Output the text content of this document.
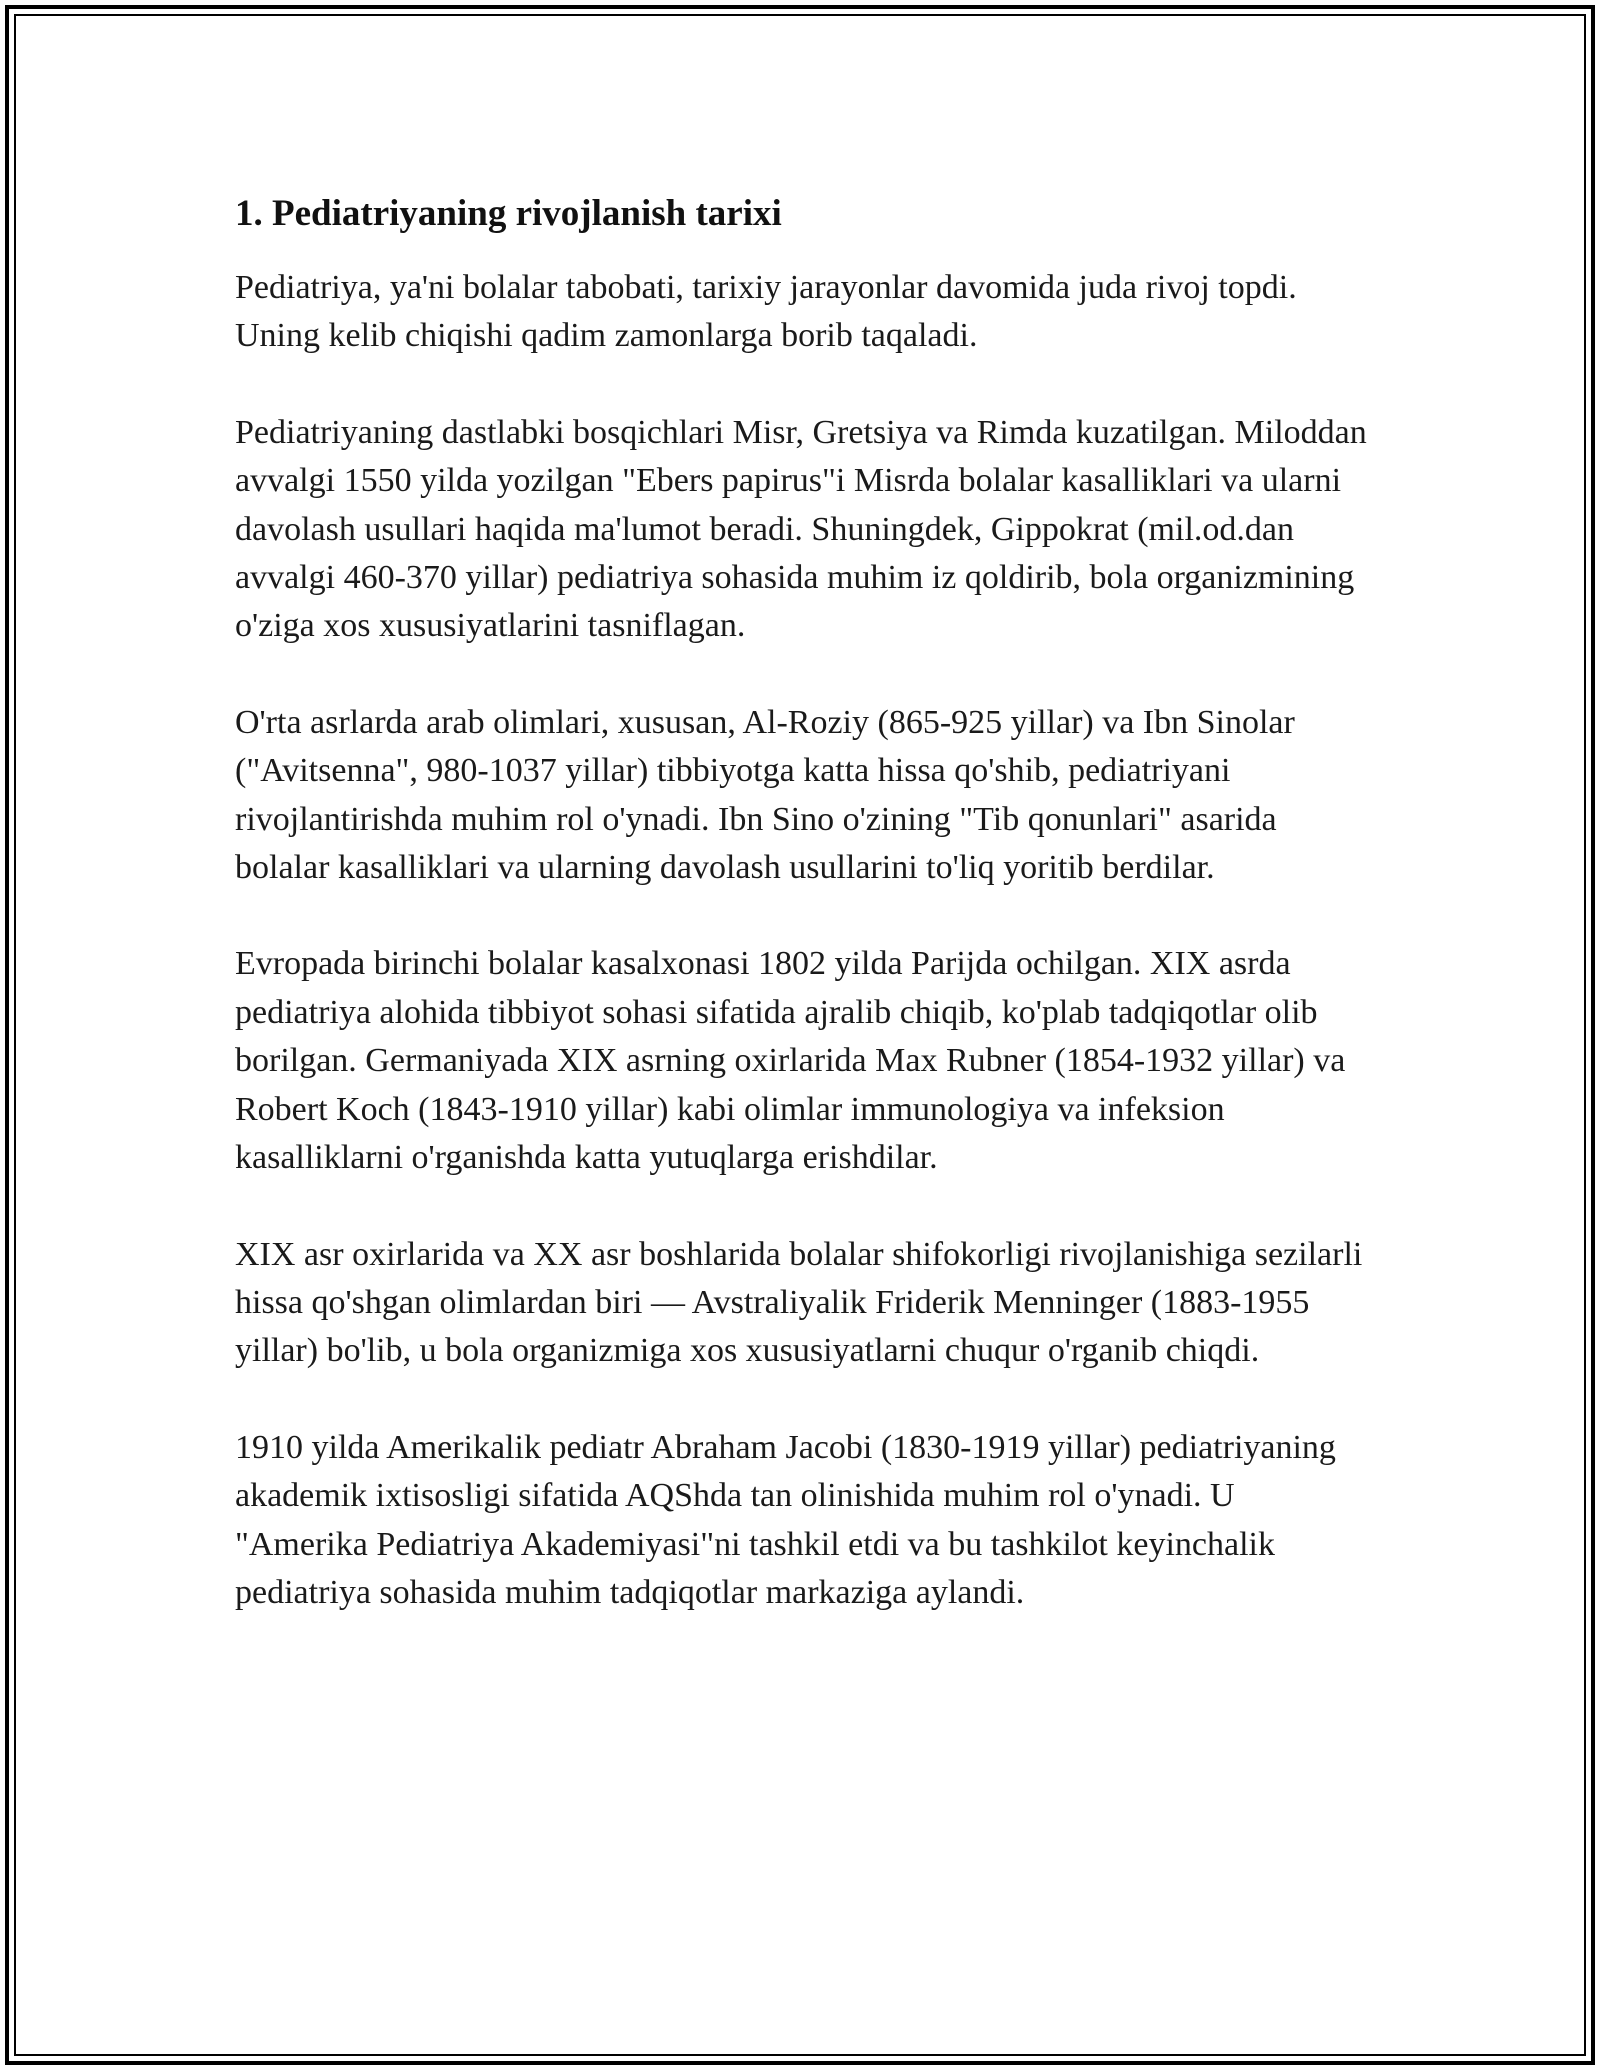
1. Pediatriyaning rivojlanish tarixi

Pediatriya, ya'ni bolalar tabobati, tarixiy jarayonlar davomida juda rivoj topdi. Uning kelib chiqishi qadim zamonlarga borib taqaladi.

Pediatriyaning dastlabki bosqichlari Misr, Gretsiya va Rimda kuzatilgan. Miloddan avvalgi 1550 yilda yozilgan "Ebers papirus"i Misrda bolalar kasalliklari va ularni davolash usullari haqida ma'lumot beradi. Shuningdek, Gippokrat (mil.od.dan avvalgi 460-370 yillar) pediatriya sohasida muhim iz qoldirib, bola organizmining o'ziga xos xususiyatlarini tasniflagan.

O'rta asrlarda arab olimlari, xususan, Al-Roziy (865-925 yillar) va Ibn Sinolar ("Avitsenna", 980-1037 yillar) tibbiyotga katta hissa qo'shib, pediatriyani rivojlantirishda muhim rol o'ynadi. Ibn Sino o'zining "Tib qonunlari" asarida bolalar kasalliklari va ularning davolash usullarini to'liq yoritib berdilar.

Evropada birinchi bolalar kasalxonasi 1802 yilda Parijda ochilgan. XIX asrda pediatriya alohida tibbiyot sohasi sifatida ajralib chiqib, ko'plab tadqiqotlar olib borilgan. Germaniyada XIX asrning oxirlarida Max Rubner (1854-1932 yillar) va Robert Koch (1843-1910 yillar) kabi olimlar immunologiya va infeksion kasalliklarni o'rganishda katta yutuqlarga erishdilar.

XIX asr oxirlarida va XX asr boshlarida bolalar shifokorligi rivojlanishiga sezilarli hissa qo'shgan olimlardan biri — Avstraliyalik Friderik Menninger (1883-1955 yillar) bo'lib, u bola organizmiga xos xususiyatlarni chuqur o'rganib chiqdi.

1910 yilda Amerikalik pediatr Abraham Jacobi (1830-1919 yillar) pediatriyaning akademik ixtisosligi sifatida AQShda tan olinishida muhim rol o'ynadi. U "Amerika Pediatriya Akademiyasi"ni tashkil etdi va bu tashkilot keyinchalik pediatriya sohasida muhim tadqiqotlar markaziga aylandi.
